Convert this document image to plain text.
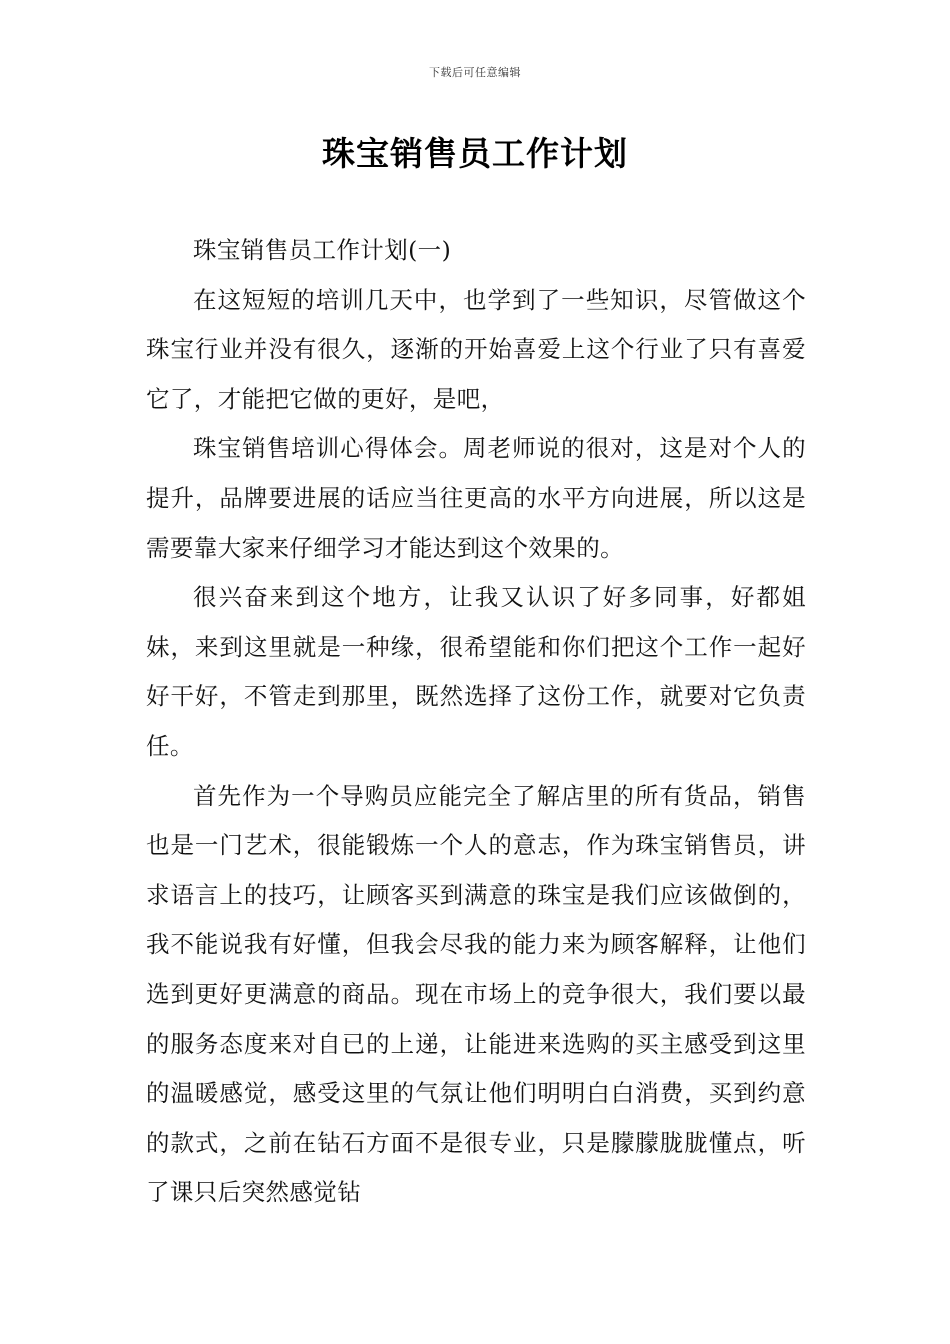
下载后可任意编辑
珠宝销售员工作计划

珠宝销售员工作计划(一)

在这短短的培训几天中，也学到了一些知识，尽管做这个珠宝行业并没有很久，逐渐的开始喜爱上这个行业了只有喜爱它了，才能把它做的更好，是吧，

珠宝销售培训心得体会。周老师说的很对，这是对个人的提升，品牌要进展的话应当往更高的水平方向进展，所以这是需要靠大家来仔细学习才能达到这个效果的。

很兴奋来到这个地方，让我又认识了好多同事，好都姐妹，来到这里就是一种缘，很希望能和你们把这个工作一起好好干好，不管走到那里，既然选择了这份工作，就要对它负责任。

首先作为一个导购员应能完全了解店里的所有货品，销售也是一门艺术，很能锻炼一个人的意志，作为珠宝销售员，讲求语言上的技巧，让顾客买到满意的珠宝是我们应该做倒的，我不能说我有好懂，但我会尽我的能力来为顾客解释，让他们选到更好更满意的商品。现在市场上的竞争很大，我们要以最的服务态度来对自已的上递，让能进来选购的买主感受到这里的温暖感觉，感受这里的气氛让他们明明白白消费，买到约意的款式，之前在钻石方面不是很专业，只是朦朦胧胧懂点，听了课只后突然感觉钻
